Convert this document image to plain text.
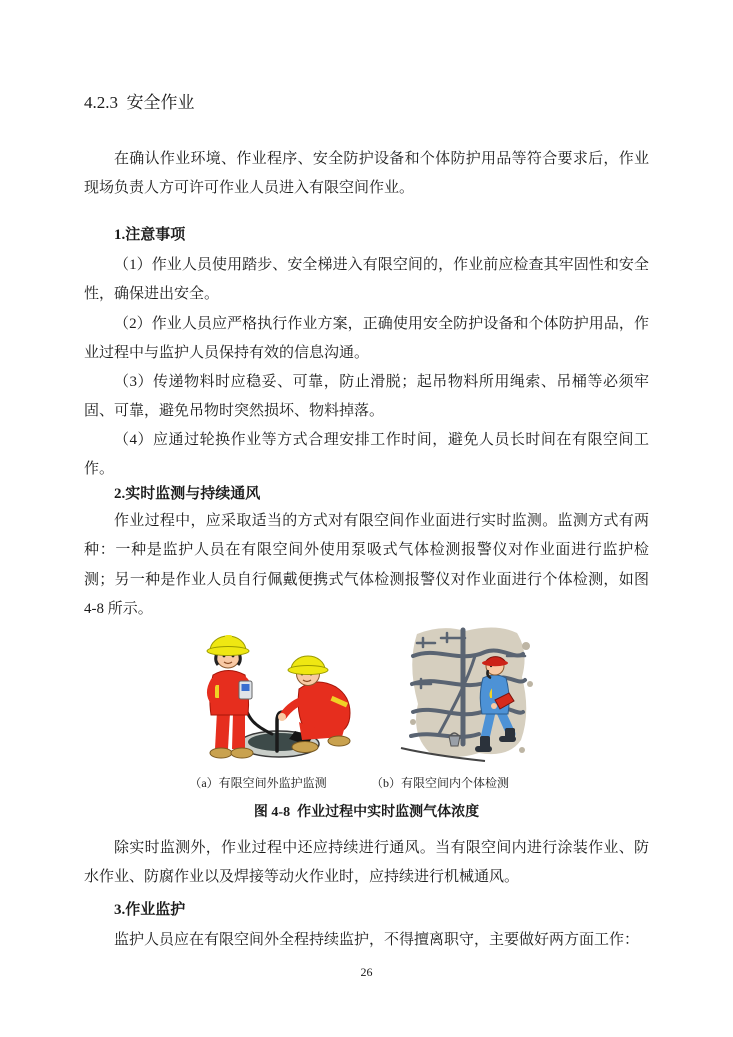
4.2.3  安全作业

在确认作业环境、作业程序、安全防护设备和个体防护用品等符合要求后，作业现场负责人方可许可作业人员进入有限空间作业。

1.注意事项

（1）作业人员使用踏步、安全梯进入有限空间的，作业前应检查其牢固性和安全性，确保进出安全。

（2）作业人员应严格执行作业方案，正确使用安全防护设备和个体防护用品，作业过程中与监护人员保持有效的信息沟通。

（3）传递物料时应稳妥、可靠，防止滑脱；起吊物料所用绳索、吊桶等必须牢固、可靠，避免吊物时突然损坏、物料掉落。

（4）应通过轮换作业等方式合理安排工作时间，避免人员长时间在有限空间工作。

2.实时监测与持续通风

作业过程中，应采取适当的方式对有限空间作业面进行实时监测。监测方式有两种：一种是监护人员在有限空间外使用泵吸式气体检测报警仪对作业面进行监护检测；另一种是作业人员自行佩戴便携式气体检测报警仪对作业面进行个体检测，如图 4-8 所示。

（a）有限空间外监护监测	（b）有限空间内个体检测
图 4-8  作业过程中实时监测气体浓度

除实时监测外，作业过程中还应持续进行通风。当有限空间内进行涂装作业、防水作业、防腐作业以及焊接等动火作业时，应持续进行机械通风。

3.作业监护

监护人员应在有限空间外全程持续监护，不得擅离职守，主要做好两方面工作：

26
